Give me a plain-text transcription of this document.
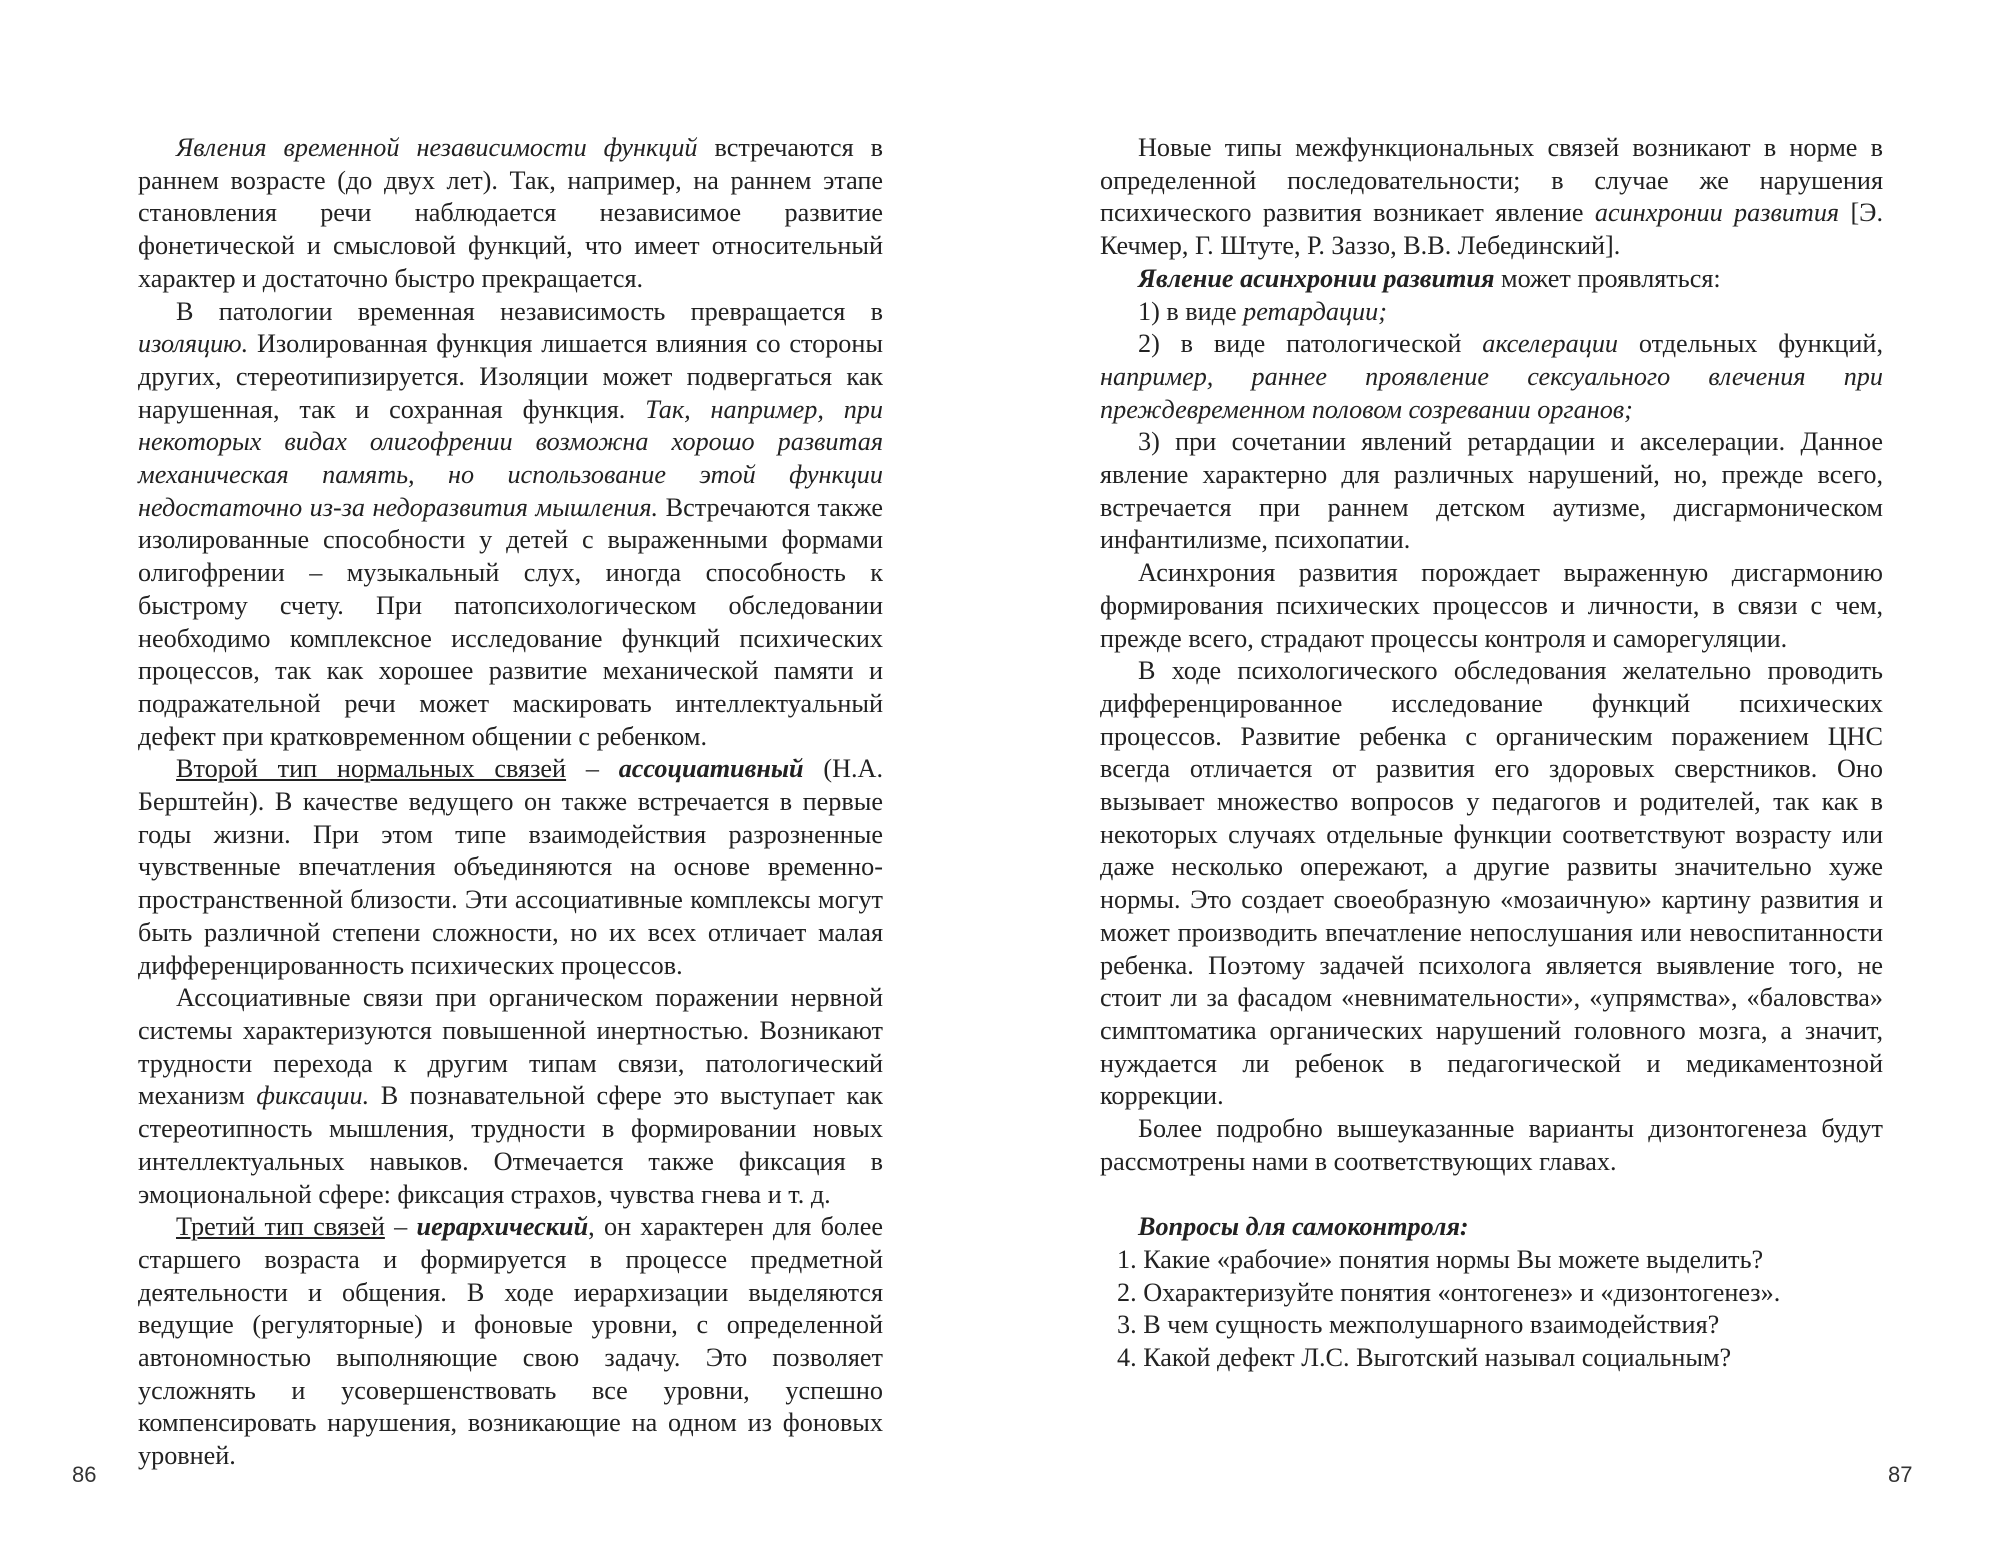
Явления временной независимости функций встречаются в раннем возрасте (до двух лет). Так, например, на раннем этапе становления речи наблюдается независимое развитие фонетической и смысловой функций, что имеет относительный характер и достаточно быстро прекращается.

В патологии временная независимость превращается в изоляцию. Изолированная функция лишается влияния со стороны других, стереотипизируется. Изоляции может подвергаться как нарушенная, так и сохранная функция. Так, например, при некоторых видах олигофрении возможна хорошо развитая механическая память, но использование этой функции недостаточно из-за недоразвития мышления. Встречаются также изолированные способности у детей с выраженными формами олигофрении – музыкальный слух, иногда способность к быстрому счету. При патопсихологическом обследовании необходимо комплексное исследование функций психических процессов, так как хорошее развитие механической памяти и подражательной речи может маскировать интеллектуальный дефект при кратковременном общении с ребенком.

Второй тип нормальных связей – ассоциативный (Н.А. Берштейн). В качестве ведущего он также встречается в первые годы жизни. При этом типе взаимодействия разрозненные чувственные впечатления объединяются на основе временно-пространственной близости. Эти ассоциативные комплексы могут быть различной степени сложности, но их всех отличает малая дифференцированность психических процессов.

Ассоциативные связи при органическом поражении нервной системы характеризуются повышенной инертностью. Возникают трудности перехода к другим типам связи, патологический механизм фиксации. В познавательной сфере это выступает как стереотипность мышления, трудности в формировании новых интеллектуальных навыков. Отмечается также фиксация в эмоциональной сфере: фиксация страхов, чувства гнева и т. д.

Третий тип связей – иерархический, он характерен для более старшего возраста и формируется в процессе предметной деятельности и общения. В ходе иерархизации выделяются ведущие (регуляторные) и фоновые уровни, с определенной автономностью выполняющие свою задачу. Это позволяет усложнять и усовершенствовать все уровни, успешно компенсировать нарушения, возникающие на одном из фоновых уровней.

86

Новые типы межфункциональных связей возникают в норме в определенной последовательности; в случае же нарушения психического развития возникает явление асинхронии развития [Э. Кечмер, Г. Штуте, Р. Заззо, В.В. Лебединский].

Явление асинхронии развития может проявляться:

1) в виде ретардации;

2) в виде патологической акселерации отдельных функций, например, раннее проявление сексуального влечения при преждевременном половом созревании органов;

3) при сочетании явлений ретардации и акселерации. Данное явление характерно для различных нарушений, но, прежде всего, встречается при раннем детском аутизме, дисгармоническом инфантилизме, психопатии.

Асинхрония развития порождает выраженную дисгармонию формирования психических процессов и личности, в связи с чем, прежде всего, страдают процессы контроля и саморегуляции.

В ходе психологического обследования желательно проводить дифференцированное исследование функций психических процессов. Развитие ребенка с органическим поражением ЦНС всегда отличается от развития его здоровых сверстников. Оно вызывает множество вопросов у педагогов и родителей, так как в некоторых случаях отдельные функции соответствуют возрасту или даже несколько опережают, а другие развиты значительно хуже нормы. Это создает своеобразную «мозаичную» картину развития и может производить впечатление непослушания или невоспитанности ребенка. Поэтому задачей психолога является выявление того, не стоит ли за фасадом «невнимательности», «упрямства», «баловства» симптоматика органических нарушений головного мозга, а значит, нуждается ли ребенок в педагогической и медикаментозной коррекции.

Более подробно вышеуказанные варианты дизонтогенеза будут рассмотрены нами в соответствующих главах.

Вопросы для самоконтроля:

1. Какие «рабочие» понятия нормы Вы можете выделить?
2. Охарактеризуйте понятия «онтогенез» и «дизонтогенез».
3. В чем сущность межполушарного взаимодействия?
4. Какой дефект Л.С. Выготский называл социальным?
87
